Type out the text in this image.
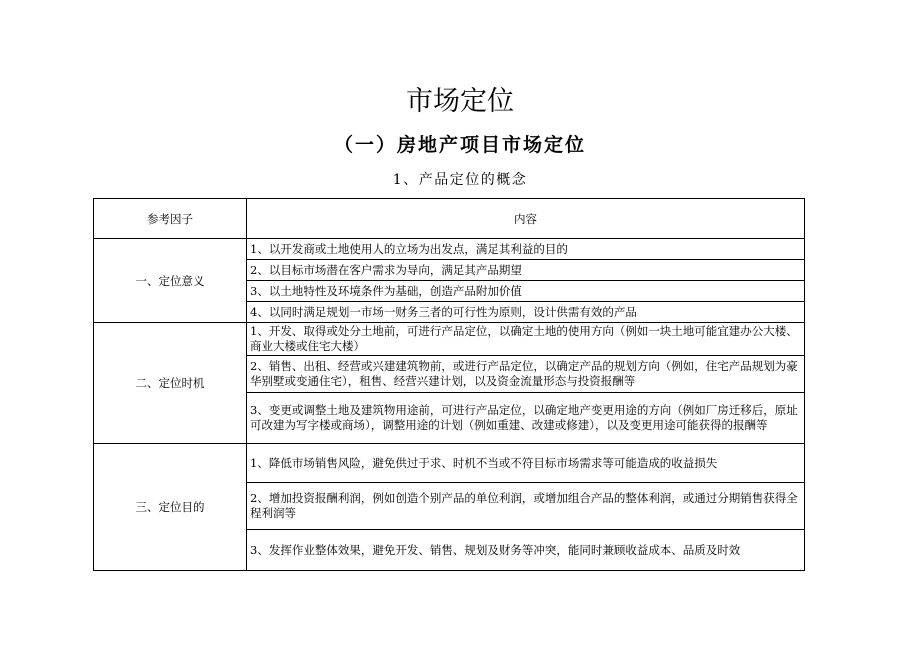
市场定位
（一）房地产项目市场定位
1、产品定位的概念
参考因子	内容
一、定位意义	1、以开发商或土地使用人的立场为出发点，满足其利益的目的
	2、以目标市场潜在客户需求为导向，满足其产品期望
	3、以土地特性及环境条件为基础，创造产品附加价值
	4、以同时满足规划一市场一财务三者的可行性为原则，设计供需有效的产品
二、定位时机	1、开发、取得或处分土地前，可进行产品定位，以确定土地的使用方向（例如一块土地可能宜建办公大楼、商业大楼或住宅大楼）
	2、销售、出租、经营或兴建建筑物前，或进行产品定位，以确定产品的规划方向（例如，住宅产品规划为豪华别墅或变通住宅），租售、经营兴建计划，以及资金流量形态与投资报酬等
	3、变更或调整土地及建筑物用途前，可进行产品定位，以确定地产变更用途的方向（例如厂房迁移后，原址可改建为写字楼或商场），调整用途的计划（例如重建、改建或修建），以及变更用途可能获得的报酬等
三、定位目的	1、降低市场销售风险，避免供过于求、时机不当或不符目标市场需求等可能造成的收益损失
	2、增加投资报酬利润，例如创造个别产品的单位利润，或增加组合产品的整体利润，或通过分期销售获得全程利润等
	3、发挥作业整体效果，避免开发、销售、规划及财务等冲突，能同时兼顾收益成本、品质及时效
